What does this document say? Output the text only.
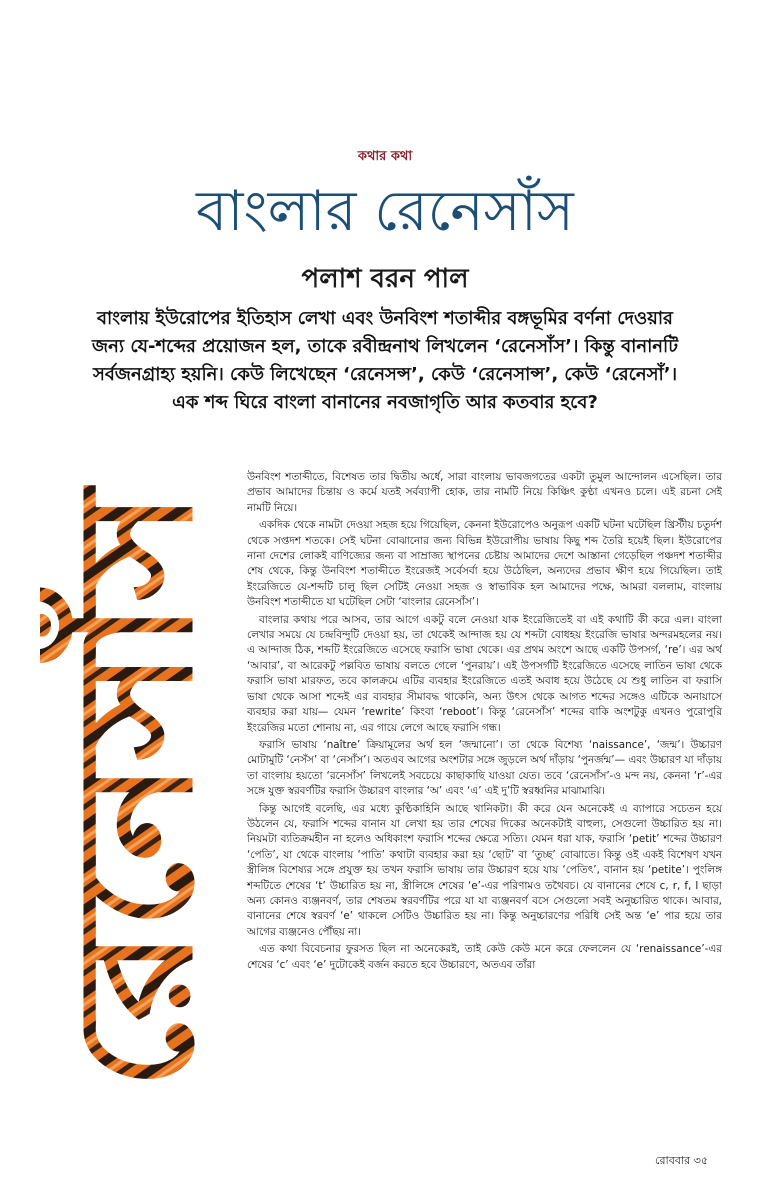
কথার কথা
বাংলার রেনেসাঁস
পলাশ বরন পাল
বাংলায় ইউরোপের ইতিহাস লেখা এবং উনবিংশ শতাব্দীর বঙ্গভূমির বর্ণনা দেওয়ার জন্য যে-শব্দের প্রয়োজন হল, তাকে রবীন্দ্রনাথ লিখলেন ‘রেনেসাঁস’। কিন্তু বানানটি সর্বজনগ্রাহ্য হয়নি। কেউ লিখেছেন ‘রেনেসন্স’, কেউ ‘রেনেসান্স’, কেউ ‘রেনেসাঁ’। এক শব্দ ঘিরে বাংলা বানানের নবজাগৃতি আর কতবার হবে?
রেনেসাঁস

উনবিংশ শতাব্দীতে, বিশেষত তার দ্বিতীয় অর্ধে, সারা বাংলায় ভাবজগতের একটা তুমুল আন্দোলন এসেছিল। তার প্রভাব আমাদের চিন্তায় ও কর্মে যতই সর্বব্যাপী হোক, তার নামটি নিয়ে কিঞ্চিৎ কুণ্ঠা এখনও চলে। এই রচনা সেই নামটি নিয়ে।

একদিক থেকে নামটা দেওয়া সহজ হয়ে গিয়েছিল, কেননা ইউরোপেও অনুরূপ একটি ঘটনা ঘটেছিল খ্রিস্টীয় চতুর্দশ থেকে সপ্তদশ শতকে। সেই ঘটনা বোঝানোর জন্য বিভিন্ন ইউরোপীয় ভাষায় কিছু শব্দ তৈরি হয়েই ছিল। ইউরোপের নানা দেশের লোকই বাণিজ্যের জন্য বা সাম্রাজ্য স্থাপনের চেষ্টায় আমাদের দেশে আস্তানা গেড়েছিল পঞ্চদশ শতাব্দীর শেষ থেকে, কিন্তু উনবিংশ শতাব্দীতে ইংরেজই সর্বেসর্বা হয়ে উঠেছিল, অন্যদের প্রভাব ক্ষীণ হয়ে গিয়েছিল। তাই ইংরেজিতে যে-শব্দটি চালু ছিল সেটিই নেওয়া সহজ ও স্বাভাবিক হল আমাদের পক্ষে, আমরা বললাম, বাংলায় উনবিংশ শতাব্দীতে যা ঘটেছিল সেটা ‘বাংলার রেনেসাঁস’।

বাংলার কথায় পরে আসব, তার আগে একটু বলে নেওয়া যাক ইংরেজিতেই বা এই কথাটি কী করে এল। বাংলা লেখার সময়ে যে চন্দ্রবিন্দুটি দেওয়া হয়, তা থেকেই আন্দাজ হয় যে শব্দটা বোধহয় ইংরেজি ভাষার অন্দরমহলের নয়। এ আন্দাজ ঠিক, শব্দটি ইংরেজিতে এসেছে ফরাসি ভাষা থেকে। এর প্রথম অংশে আছে একটি উপসর্গ, ‘re’। এর অর্থ ‘আবার’, বা আরেকটু পল্লবিত ভাষায় বলতে গেলে ‘পুনরায়’। এই উপসর্গটি ইংরেজিতে এসেছে লাতিন ভাষা থেকে ফরাসি ভাষা মারফত, তবে কালক্রমে এটির ব্যবহার ইংরেজিতে এতই অবাধ হয়ে উঠেছে যে শুধু লাতিন বা ফরাসি ভাষা থেকে আসা শব্দেই এর ব্যবহার সীমাবদ্ধ থাকেনি, অন্য উৎস থেকে আগত শব্দের সঙ্গেও এটিকে অনায়াসে ব্যবহার করা যায়— যেমন ‘rewrite’ কিংবা ‘reboot’। কিন্তু ‘রেনেসাঁস’ শব্দের বাকি অংশটুকু এখনও পুরোপুরি ইংরেজির মতো শোনায় না, এর গায়ে লেগে আছে ফরাসি গন্ধ।

ফরাসি ভাষায় ‘naître’ ক্রিয়ামূলের অর্থ হল ‘জন্মানো’। তা থেকে বিশেষ্য ‘naissance’, ‘জন্ম’। উচ্চারণ মোটামুটি ‘নেসঁস’ বা ‘নেসাঁস’। অতএব আগের অংশটার সঙ্গে জুড়লে অর্থ দাঁড়ায় ‘পুনর্জন্ম’— এবং উচ্চারণ যা দাঁড়ায় তা বাংলায় হয়তো ‘রনেসাঁস’ লিখলেই সবচেয়ে কাছাকাছি যাওয়া যেত। তবে ‘রেনেসাঁস’-ও মন্দ নয়, কেননা ‘r’-এর সঙ্গে যুক্ত স্বরবর্ণটির ফরাসি উচ্চারণ বাংলার ‘অ’ এবং ‘এ’ এই দু’টি স্বরধ্বনির মাঝামাঝি।

কিন্তু আগেই বলেছি, এর মধ্যে কুণ্ঠিকাহিনি আছে খানিকটা। কী করে যেন অনেকেই এ ব্যাপারে সচেতন হয়ে উঠলেন যে, ফরাসি শব্দের বানান যা লেখা হয় তার শেষের দিকের অনেকটাই বাহুল্য, সেগুলো উচ্চারিত হয় না। নিয়মটা ব্যতিক্রমহীন না হলেও অধিকাংশ ফরাসি শব্দের ক্ষেত্রে সত্যি। যেমন ধরা যাক, ফরাসি ‘petit’ শব্দের উচ্চারণ ‘পেতি’, যা থেকে বাংলায় ‘পাতি’ কথাটা ব্যবহার করা হয় ‘ছোট’ বা ‘তুচ্ছ’ বোঝাতে। কিন্তু ওই একই বিশেষণ যখন স্ত্রীলিঙ্গ বিশেষ্যর সঙ্গে প্রযুক্ত হয় তখন ফরাসি ভাষায় তার উচ্চারণ হয়ে যায় ‘পেতিৎ’, বানান হয় ‘petite’। পুংলিঙ্গ শব্দটিতে শেষের ‘t’ উচ্চারিত হয় না, স্ত্রীলিঙ্গে শেষের ‘e’-এর পরিণামও তথৈবচ। যে বানানের শেষে c, r, f, l ছাড়া অন্য কোনও ব্যঞ্জনবর্ণ, তার শেষতম স্বরবর্ণটির পরে যা যা ব্যঞ্জনবর্ণ বসে সেগুলো সবই অনুচ্চারিত থাকে। আবার, বানানের শেষে স্বরবর্ণ ‘e’ থাকলে সেটিও উচ্চারিত হয় না। কিন্তু অনুচ্চারণের পরিধি সেই অন্ত ‘e’ পার হয়ে তার আগের ব্যঞ্জনেও পৌঁছয় না।

এত কথা বিবেচনার ফুরসত ছিল না অনেকেরই, তাই কেউ কেউ মনে করে ফেললেন যে ‘renaissance’-এর শেষের ‘c’ এবং ‘e’ দুটোকেই বর্জন করতে হবে উচ্চারণে, অতএব তাঁরা

রোববার ৩৫
